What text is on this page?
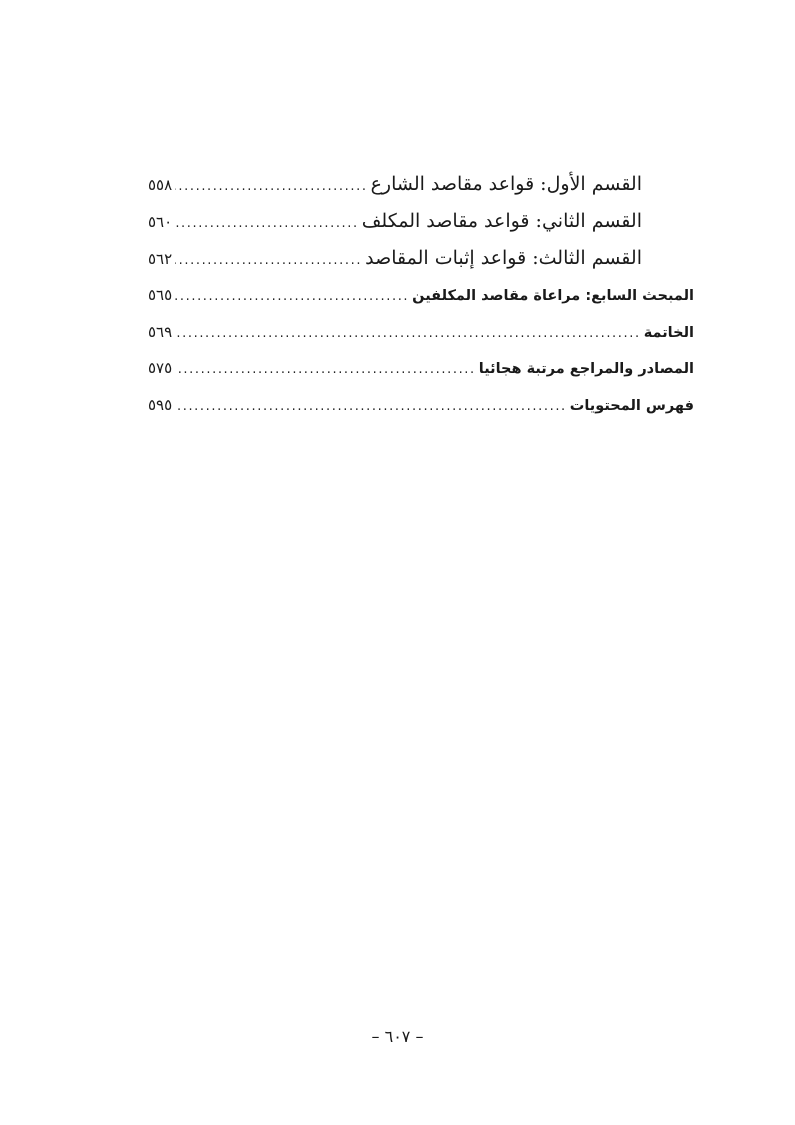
القسم الأول: قواعد مقاصد الشارع
.....
٥٥٨
القسم الثاني: قواعد مقاصد المكلف
.....
٥٦٠
القسم الثالث: قواعد إثبات المقاصد
.....
٥٦٢
المبحث السابع: مراعاة مقاصد المكلفين
.....
٥٦٥
الخاتمة
.....
٥٦٩
المصادر والمراجع مرتبة هجائيا
.....
٥٧٥
فهرس المحتويات
.....
٥٩٥
– ٦٠٧ –
